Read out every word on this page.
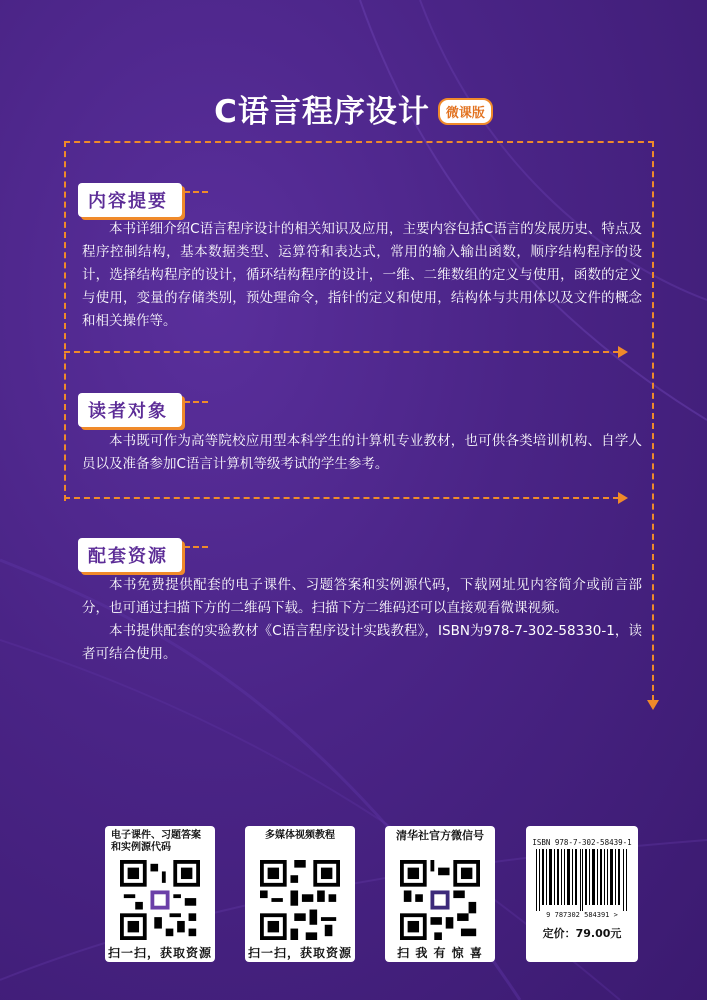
C语言程序设计	微课版
内容提要

本书详细介绍C语言程序设计的相关知识及应用，主要内容包括C语言的发展历史、特点及程序控制结构，基本数据类型、运算符和表达式，常用的输入输出函数，顺序结构程序的设计，选择结构程序的设计，循环结构程序的设计，一维、二维数组的定义与使用，函数的定义与使用，变量的存储类别，预处理命令，指针的定义和使用，结构体与共用体以及文件的概念和相关操作等。

读者对象

本书既可作为高等院校应用型本科学生的计算机专业教材，也可供各类培训机构、自学人员以及准备参加C语言计算机等级考试的学生参考。

配套资源

本书免费提供配套的电子课件、习题答案和实例源代码，下载网址见内容简介或前言部分，也可通过扫描下方的二维码下载。扫描下方二维码还可以直接观看微课视频。

本书提供配套的实验教材《C语言程序设计实践教程》，ISBN为978-7-302-58330-1，读者可结合使用。

电子课件、习题答案和实例源代码
扫一扫，获取资源
多媒体视频教程
扫一扫，获取资源
清华社官方微信号
扫 我 有 惊 喜
ISBN 978-7-302-58439-1
9 787302 584391 >
定价：79.00元
